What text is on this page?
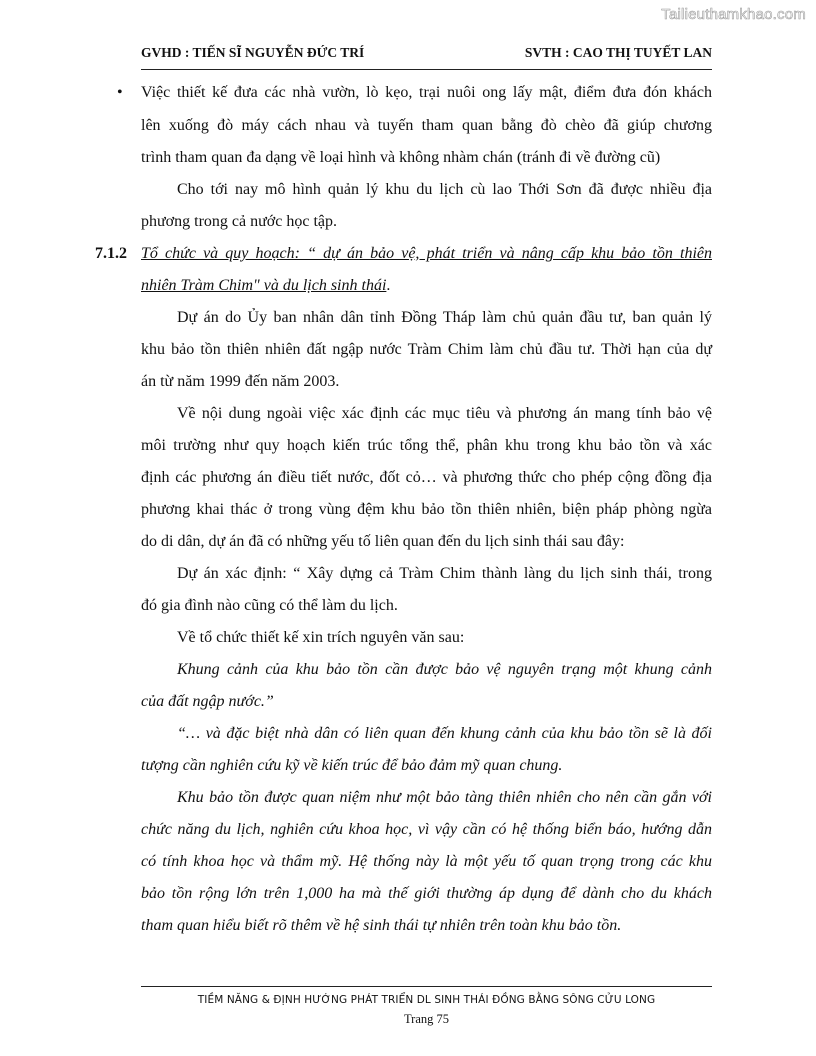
Tailieuthamkhao.com
GVHD : TIẾN SĨ NGUYỄN ĐỨC TRÍ	SVTH : CAO THỊ TUYẾT LAN
• Việc thiết kế đưa các nhà vườn, lò kẹo, trại nuôi ong lấy mật, điểm đưa đón khách
lên xuống đò máy cách nhau và tuyến tham quan bằng đò chèo đã giúp chương
trình tham quan đa dạng về loại hình và không nhàm chán (tránh đi về đường cũ)
Cho tới nay mô hình quản lý khu du lịch cù lao Thới Sơn đã được nhiều địa
phương trong cả nước học tập.
7.1.2 Tổ chức và quy hoạch: “ dự án bảo vệ, phát triển và nâng cấp khu bảo tồn thiên
nhiên Tràm Chim" và du lịch sinh thái.
Dự án do Ủy ban nhân dân tỉnh Đồng Tháp làm chủ quản đầu tư, ban quản lý
khu bảo tồn thiên nhiên đất ngập nước Tràm Chim làm chủ đầu tư. Thời hạn của dự
án từ năm 1999 đến năm 2003.
Về nội dung ngoài việc xác định các mục tiêu và phương án mang tính bảo vệ
môi trường như quy hoạch kiến trúc tổng thể, phân khu trong khu bảo tồn và xác
định các phương án điều tiết nước, đốt cỏ… và phương thức cho phép cộng đồng địa
phương khai thác ở trong vùng đệm khu bảo tồn thiên nhiên, biện pháp phòng ngừa
do di dân, dự án đã có những yếu tố liên quan đến du lịch sinh thái sau đây:
Dự án xác định: “ Xây dựng cả Tràm Chim thành làng du lịch sinh thái, trong
đó gia đình nào cũng có thể làm du lịch.
Về tổ chức thiết kế xin trích nguyên văn sau:
Khung cảnh của khu bảo tồn cần được bảo vệ nguyên trạng một khung cảnh
của đất ngập nước.”
“… và đặc biệt nhà dân có liên quan đến khung cảnh của khu bảo tồn sẽ là đối
tượng cần nghiên cứu kỹ về kiến trúc để bảo đảm mỹ quan chung.
Khu bảo tồn được quan niệm như một bảo tàng thiên nhiên cho nên cần gắn với
chức năng du lịch, nghiên cứu khoa học, vì vậy cần có hệ thống biển báo, hướng dẫn
có tính khoa học và thẩm mỹ. Hệ thống này là một yếu tố quan trọng trong các khu
bảo tồn rộng lớn trên 1,000 ha mà thế giới thường áp dụng để dành cho du khách
tham quan hiểu biết rõ thêm về hệ sinh thái tự nhiên trên toàn khu bảo tồn.
TIỀM NĂNG & ĐỊNH HƯỚNG PHÁT TRIỂN DL SINH THÁI ĐỒNG BẰNG SÔNG CỬU LONG
Trang 75
